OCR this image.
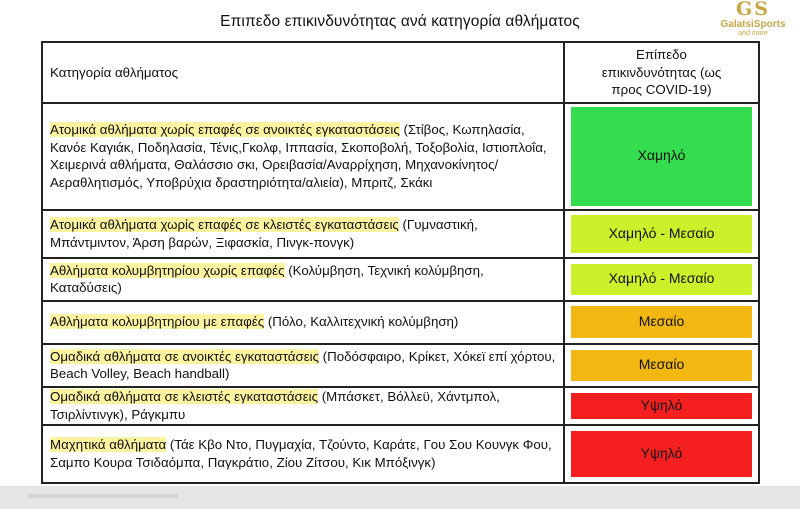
Επιπεδο επικινδυνότητας ανά κατηγορία αθλήματος
GS
GalatsiSports
and more
Κατηγορία αθλήματος	Επίπεδο
επικινδυνότητας (ως
προς COVID-19)

Ατομικά αθλήματα χωρίς επαφές σε ανοικτές εγκαταστάσεις (Στίβος, Κωπηλασία, Κανόε Καγιάκ, Ποδηλασία, Τένις,Γκολφ, Ιππασία, Σκοποβολή, Τοξοβολία, Ιστιοπλοΐα, Χειμερινά αθλήματα, Θαλάσσιο σκι, Ορειβασία/Αναρρίχηση, Μηχανοκίνητος/Αεραθλητισμός, Υποβρύχια δραστηριότητα/αλιεία), Μπριτζ, Σκάκι	Χαμηλό

Ατομικά αθλήματα χωρίς επαφές σε κλειστές εγκαταστάσεις (Γυμναστική, Μπάντμιντον, Άρση βαρών, Ξιφασκία, Πινγκ-πονγκ)	Χαμηλό - Μεσαίο

Αθλήματα κολυμβητηρίου χωρίς επαφές (Κολύμβηση, Τεχνική κολύμβηση, Καταδύσεις)	Χαμηλό - Μεσαίο

Αθλήματα κολυμβητηρίου με επαφές (Πόλο, Καλλιτεχνική κολύμβηση)	Μεσαίο

Ομαδικά αθλήματα σε ανοικτές εγκαταστάσεις (Ποδόσφαιρο, Κρίκετ, Χόκεϊ επί χόρτου, Beach Volley, Beach handball)	Μεσαίο

Ομαδικά αθλήματα σε κλειστές εγκαταστάσεις (Μπάσκετ, Βόλλεϋ, Χάντμπολ, Τσιρλίντινγκ), Ράγκμπυ	Υψηλό

Μαχητικά αθλήματα (Τάε Κβο Ντο, Πυγμαχία, Τζούντο, Καράτε, Γου Σου Κουνγκ Φου, Σαμπο Κουρα Τσιδαόμπα, Παγκράτιο, Ζίου Ζίτσου, Κικ Μπόξινγκ)	Υψηλό
